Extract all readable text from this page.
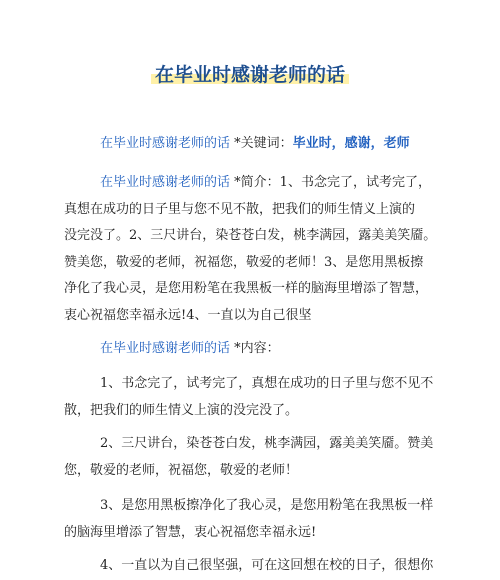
在毕业时感谢老师的话
在毕业时感谢老师的话 *关键词：毕业时，感谢，老师
在毕业时感谢老师的话 *简介：1、书念完了，试考完了，
真想在成功的日子里与您不见不散，把我们的师生情义上演的
没完没了。2、三尺讲台，染苍苍白发，桃李满园，露美美笑靥。
赞美您，敬爱的老师，祝福您，敬爱的老师！3、是您用黑板擦
净化了我心灵，是您用粉笔在我黑板一样的脑海里增添了智慧，
衷心祝福您幸福永远!4、一直以为自己很坚
在毕业时感谢老师的话 *内容：
1、书念完了，试考完了，真想在成功的日子里与您不见不
散，把我们的师生情义上演的没完没了。
2、三尺讲台，染苍苍白发，桃李满园，露美美笑靥。赞美
您，敬爱的老师，祝福您，敬爱的老师！
3、是您用黑板擦净化了我心灵，是您用粉笔在我黑板一样
的脑海里增添了智慧，衷心祝福您幸福永远!
4、一直以为自己很坚强，可在这回想在校的日子，很想你
